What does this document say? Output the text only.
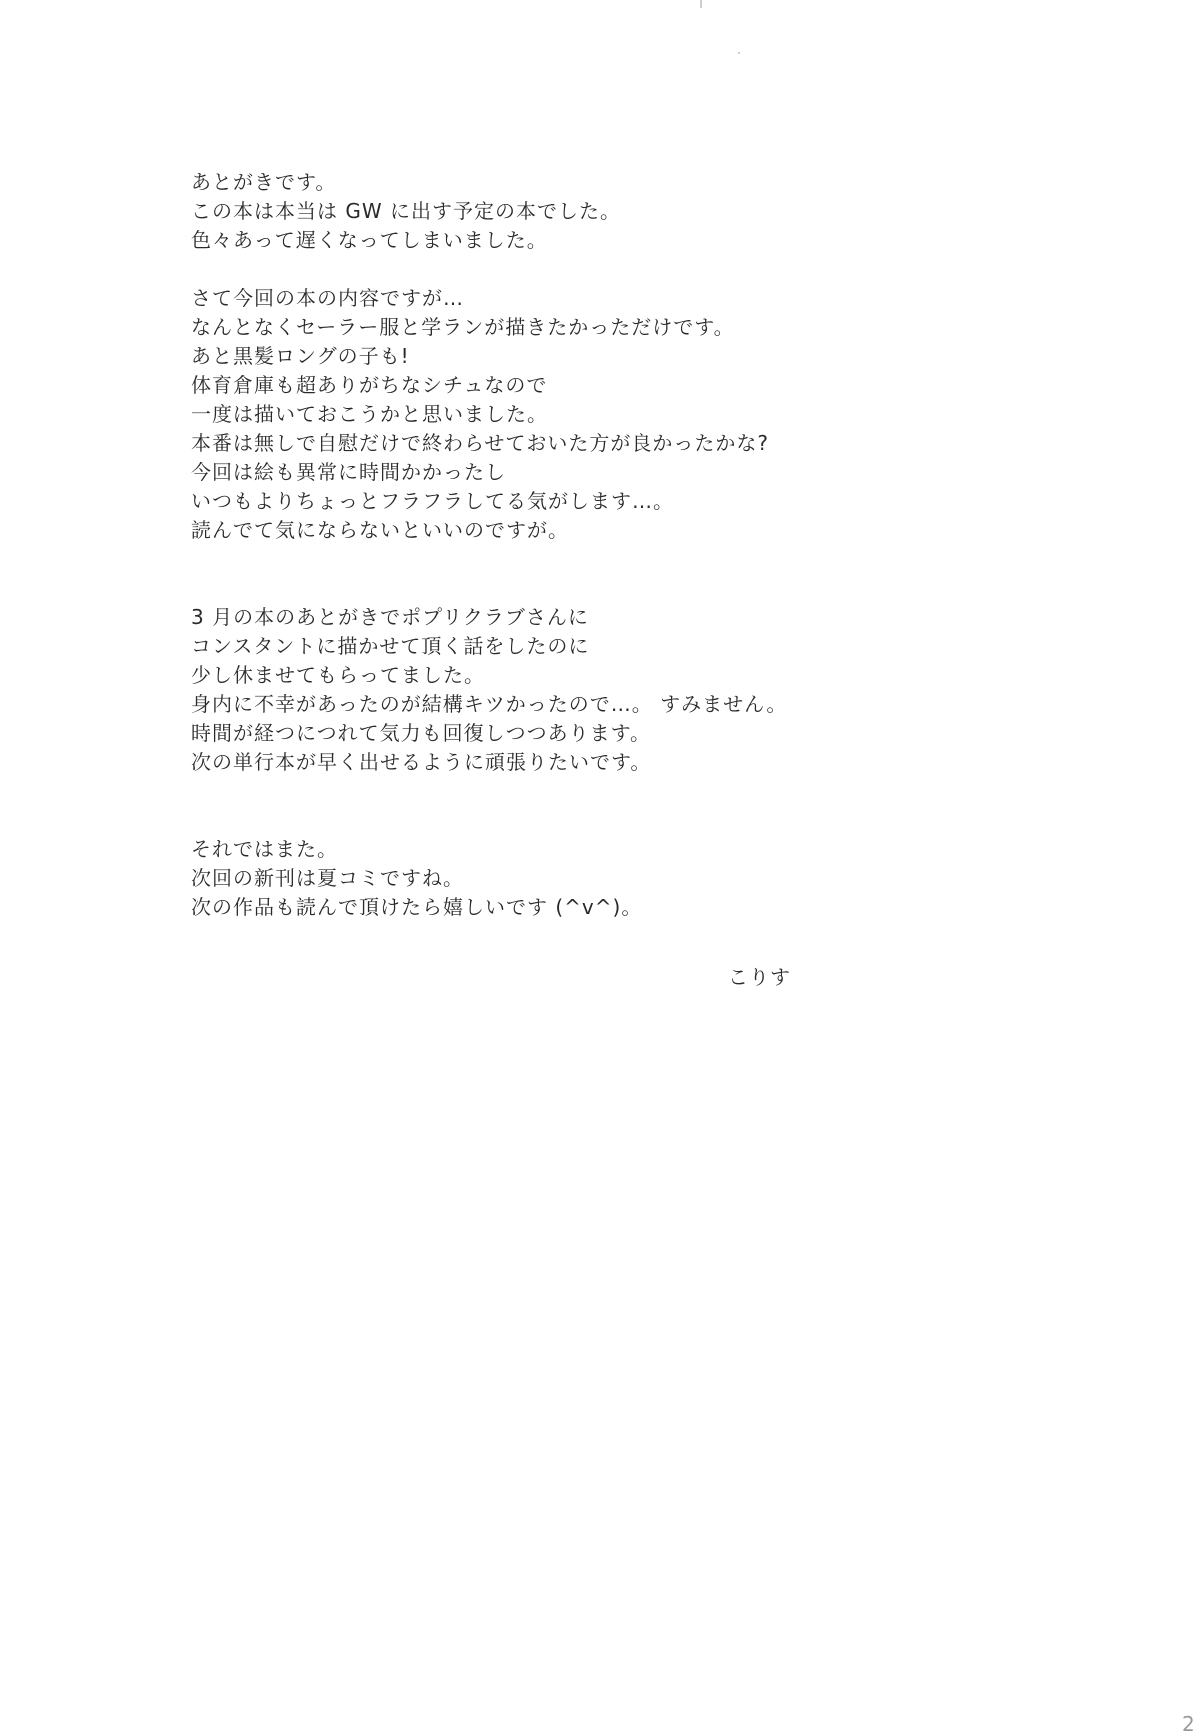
あとがきです。
この本は本当は GW に出す予定の本でした。
色々あって遅くなってしまいました。
さて今回の本の内容ですが…
なんとなくセーラー服と学ランが描きたかっただけです。
あと黒髪ロングの子も!
体育倉庫も超ありがちなシチュなので
一度は描いておこうかと思いました。
本番は無しで自慰だけで終わらせておいた方が良かったかな?
今回は絵も異常に時間かかったし
いつもよりちょっとフラフラしてる気がします…。
読んでて気にならないといいのですが。
3 月の本のあとがきでポプリクラブさんに
コンスタントに描かせて頂く話をしたのに
少し休ませてもらってました。
身内に不幸があったのが結構キツかったので…。 すみません。
時間が経つにつれて気力も回復しつつあります。
次の単行本が早く出せるように頑張りたいです。
それではまた。
次回の新刊は夏コミですね。
次の作品も読んで頂けたら嬉しいです (^v^)。
こりす
2
